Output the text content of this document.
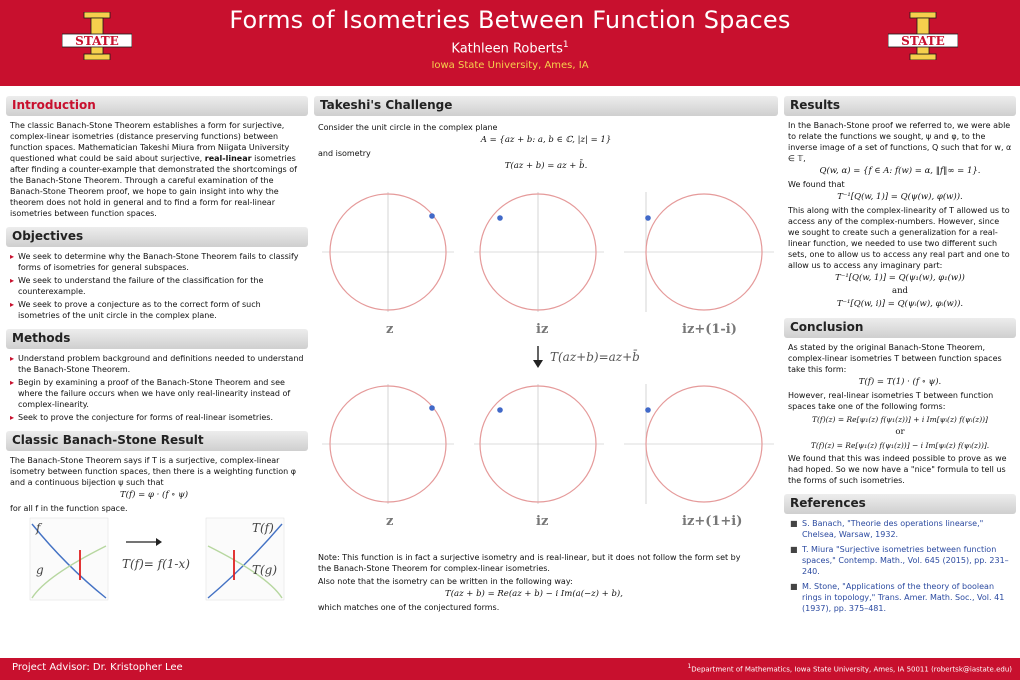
STATE	STATE
Forms of Isometries Between Function Spaces
Kathleen Roberts$^1$
Iowa State University, Ames, IA
Introduction

The classic Banach-Stone Theorem establishes a form for surjective, complex-linear isometries (distance preserving functions) between function spaces. Mathematician Takeshi Miura from Niigata University questioned what could be said about surjective, real-linear isometries after finding a counter-example that demonstrated the shortcomings of the Banach-Stone Theorem. Through a careful examination of the Banach-Stone Theorem proof, we hope to gain insight into why the theorem does not hold in general and to find a form for real-linear isometries between function spaces.

Objectives
▸ We seek to determine why the Banach-Stone Theorem fails to classify forms of isometries for general subspaces.
▸ We seek to understand the failure of the classification for the counterexample.
▸ We seek to prove a conjecture as to the correct form of such isometries of the unit circle in the complex plane.
Methods
▸ Understand problem background and definitions needed to understand the Banach-Stone Theorem.
▸ Begin by examining a proof of the Banach-Stone Theorem and see where the failure occurs when we have only real-linearity instead of complex-linearity.
▸ Seek to prove the conjecture for forms of real-linear isometries.
Classic Banach-Stone Result

The Banach-Stone Theorem says if T is a surjective, complex-linear isometry between function spaces, then there is a weighting function φ and a continuous bijection ψ such that

T(f) = φ · (f ∘ ψ)

for all f in the function space.

f
g	T(f)= f(1-x)
T(f)
T(g)
Takeshi's Challenge

Consider the unit circle in the complex plane

A = {az + b: a, b ∈ ℂ, |z| = 1}

and isometry

T(az + b) = az + b̄.
z	iz	iz+(1-i)
T(az+b)=az+b̄
z	iz	iz+(1+i)

Note: This function is in fact a surjective isometry and is real-linear, but it does not follow the form set by the Banach-Stone Theorem for complex-linear isometries.

Also note that the isometry can be written in the following way:

T(az + b) = Re(az + b) − i Im(a(−z) + b),

which matches one of the conjectured forms.

Results

In the Banach-Stone proof we referred to, we were able to relate the functions we sought, ψ and φ, to the inverse image of a set of functions, Q such that for w, α ∈ 𝕋,

Q(w, α) = {f ∈ A: f(w) = α, ‖f‖∞ = 1}.

We found that

T⁻¹[Q(w, 1)] = Q(ψ(w), φ(w)).

This along with the complex-linearity of T allowed us to access any of the complex-numbers. However, since we sought to create such a generalization for a real-linear function, we needed to use two different such sets, one to allow us to access any real part and one to allow us to access any imaginary part:

T⁻¹[Q(w, 1)] = Q(ψ₁(w), φ₁(w))
and
T⁻¹[Q(w, i)] = Q(ψᵢ(w), φᵢ(w)).
Conclusion

As stated by the original Banach-Stone Theorem, complex-linear isometries T between function spaces take this form:

T(f) = T(1) · (f ∘ ψ).

However, real-linear isometries T between function spaces take one of the following forms:

T(f)(z) = Re[ψ₁(z) f(ψ₁(z))] + i Im[ψᵢ(z) f(ψᵢ(z))]
or
T(f)(z) = Re[ψ₁(z) f(ψ₁(z))] − i Im[ψᵢ(z) f(ψᵢ(z))].

We found that this was indeed possible to prove as we had hoped. So we now have a "nice" formula to tell us the forms of such isometries.

References
■ S. Banach, "Theorie des operations linearse," Chelsea, Warsaw, 1932.
■ T. Miura "Surjective isometries between function spaces," Contemp. Math., Vol. 645 (2015), pp. 231–240.
■ M. Stone, "Applications of the theory of boolean rings in topology," Trans. Amer. Math. Soc., Vol. 41 (1937), pp. 375–481.
Project Advisor: Dr. Kristopher Lee	$^1$Department of Mathematics, Iowa State University, Ames, IA 50011 (robertsk@iastate.edu)
